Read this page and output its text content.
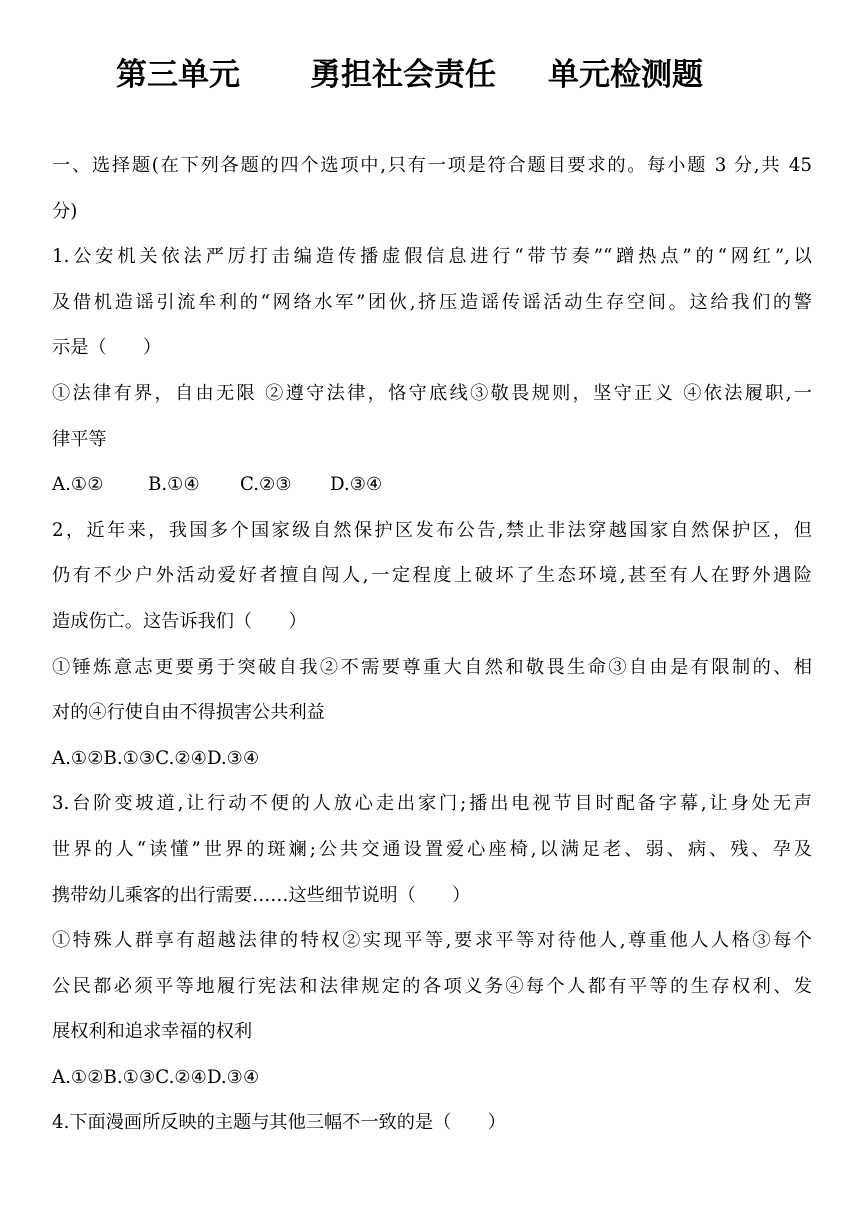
第三单元 勇担社会责任 单元检测题
一、选择题(在下列各题的四个选项中,只有一项是符合题目要求的。每小题 3 分,共 45
分)
1.公安机关依法严厉打击编造传播虚假信息进行“带节奏”“蹭热点”的“网红”,以
及借机造谣引流牟利的“网络水军”团伙,挤压造谣传谣活动生存空间。这给我们的警
示是（　　）
①法律有界，自由无限 ②遵守法律，恪守底线③敬畏规则，坚守正义 ④依法履职,一
律平等
A.①② B.①④ C.②③ D.③④
2，近年来，我国多个国家级自然保护区发布公告,禁止非法穿越国家自然保护区，但
仍有不少户外活动爱好者擅自闯人,一定程度上破坏了生态环境,甚至有人在野外遇险
造成伤亡。这告诉我们（　　）
①锤炼意志更要勇于突破自我②不需要尊重大自然和敬畏生命③自由是有限制的、相
对的④行使自由不得损害公共利益
A.①②B.①③C.②④D.③④
3.台阶变坡道,让行动不便的人放心走出家门;播出电视节目时配备字幕,让身处无声
世界的人“读懂”世界的斑斓;公共交通设置爱心座椅,以满足老、弱、病、残、孕及
携带幼儿乘客的出行需要……这些细节说明（　　）
①特殊人群享有超越法律的特权②实现平等,要求平等对待他人,尊重他人人格③每个
公民都必须平等地履行宪法和法律规定的各项义务④每个人都有平等的生存权利、发
展权利和追求幸福的权利
A.①②B.①③C.②④D.③④
4.下面漫画所反映的主题与其他三幅不一致的是（　　）
